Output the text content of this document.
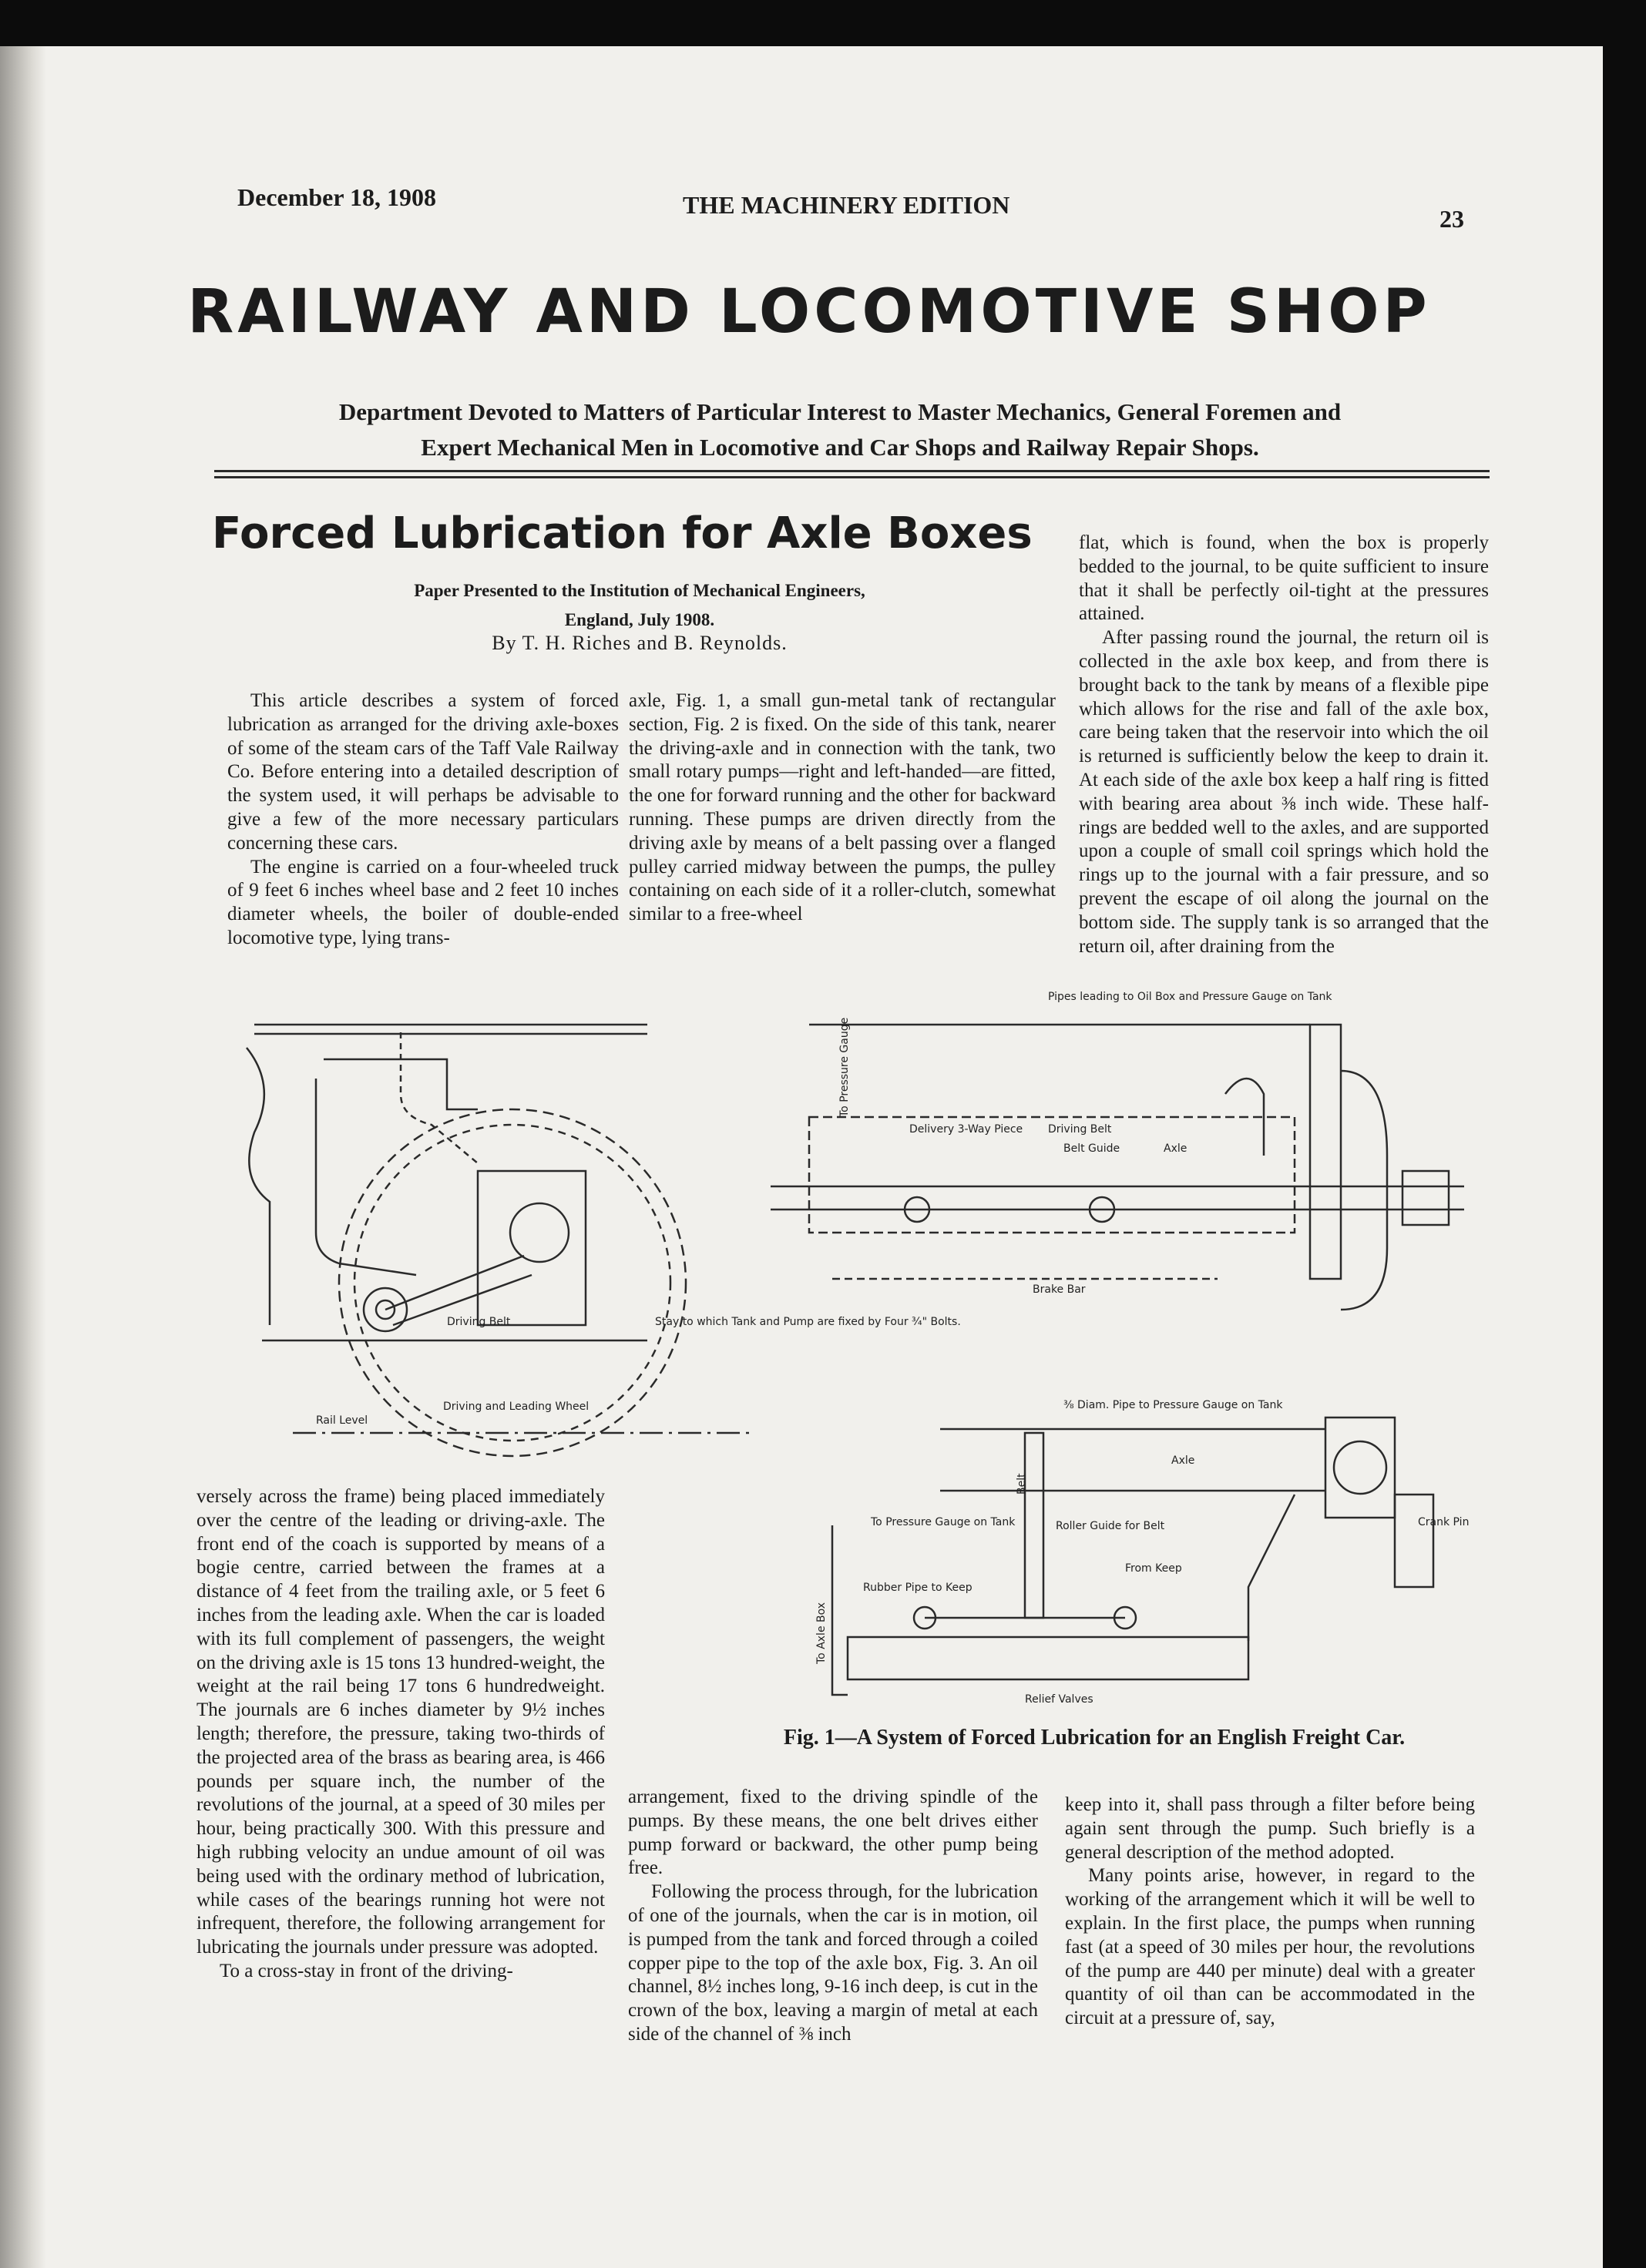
December 18, 1908	THE MACHINERY EDITION	23
RAILWAY AND LOCOMOTIVE SHOP
Department Devoted to Matters of Particular Interest to Master Mechanics, General Foremen and Expert Mechanical Men in Locomotive and Car Shops and Railway Repair Shops.
Forced Lubrication for Axle Boxes
Paper Presented to the Institution of Mechanical Engineers, England, July 1908.
By T. H. Riches and B. Reynolds.

This article describes a system of forced lubrication as arranged for the driving axle-boxes of some of the steam cars of the Taff Vale Railway Co. Before entering into a detailed description of the system used, it will perhaps be advisable to give a few of the more necessary particulars concerning these cars.

The engine is carried on a four-wheeled truck of 9 feet 6 inches wheel base and 2 feet 10 inches diameter wheels, the boiler of double-ended locomotive type, lying trans-

axle, Fig. 1, a small gun-metal tank of rectangular section, Fig. 2 is fixed. On the side of this tank, nearer the driving-axle and in connection with the tank, two small rotary pumps—right and left-handed—are fitted, the one for forward running and the other for backward running. These pumps are driven directly from the driving axle by means of a belt passing over a flanged pulley carried midway between the pumps, the pulley containing on each side of it a roller-clutch, somewhat similar to a free-wheel

flat, which is found, when the box is properly bedded to the journal, to be quite sufficient to insure that it shall be perfectly oil-tight at the pressures attained.

After passing round the journal, the return oil is collected in the axle box keep, and from there is brought back to the tank by means of a flexible pipe which allows for the rise and fall of the axle box, care being taken that the reservoir into which the oil is returned is sufficiently below the keep to drain it. At each side of the axle box keep a half ring is fitted with bearing area about ⅜ inch wide. These half-rings are bedded well to the axles, and are supported upon a couple of small coil springs which hold the rings up to the journal with a fair pressure, and so prevent the escape of oil along the journal on the bottom side. The supply tank is so arranged that the return oil, after draining from the

Rail Level
Driving and Leading Wheel
Driving Belt	Stay to which Tank and Pump are fixed by Four ¾" Bolts.
To Pressure Gauge
Pipes leading to Oil Box and Pressure Gauge on Tank
Delivery 3-Way Piece Driving Belt
Belt Guide	Axle
Brake Bar
⅜ Diam. Pipe to Pressure Gauge on Tank
Axle
Belt
To Pressure Gauge on Tank	Roller Guide for Belt
From Keep
Rubber Pipe to Keep
To Axle Box
Relief Valves
Crank Pin
Fig. 1—A System of Forced Lubrication for an English Freight Car.

versely across the frame) being placed immediately over the centre of the leading or driving-axle. The front end of the coach is supported by means of a bogie centre, carried between the frames at a distance of 4 feet from the trailing axle, or 5 feet 6 inches from the leading axle. When the car is loaded with its full complement of passengers, the weight on the driving axle is 15 tons 13 hundred-weight, the weight at the rail being 17 tons 6 hundredweight. The journals are 6 inches diameter by 9½ inches length; therefore, the pressure, taking two-thirds of the projected area of the brass as bearing area, is 466 pounds per square inch, the number of the revolutions of the journal, at a speed of 30 miles per hour, being practically 300. With this pressure and high rubbing velocity an undue amount of oil was being used with the ordinary method of lubrication, while cases of the bearings running hot were not infrequent, therefore, the following arrangement for lubricating the journals under pressure was adopted.

To a cross-stay in front of the driving-

arrangement, fixed to the driving spindle of the pumps. By these means, the one belt drives either pump forward or backward, the other pump being free.

Following the process through, for the lubrication of one of the journals, when the car is in motion, oil is pumped from the tank and forced through a coiled copper pipe to the top of the axle box, Fig. 3. An oil channel, 8½ inches long, 9-16 inch deep, is cut in the crown of the box, leaving a margin of metal at each side of the channel of ⅜ inch

keep into it, shall pass through a filter before being again sent through the pump. Such briefly is a general description of the method adopted.

Many points arise, however, in regard to the working of the arrangement which it will be well to explain. In the first place, the pumps when running fast (at a speed of 30 miles per hour, the revolutions of the pump are 440 per minute) deal with a greater quantity of oil than can be accommodated in the circuit at a pressure of, say,
